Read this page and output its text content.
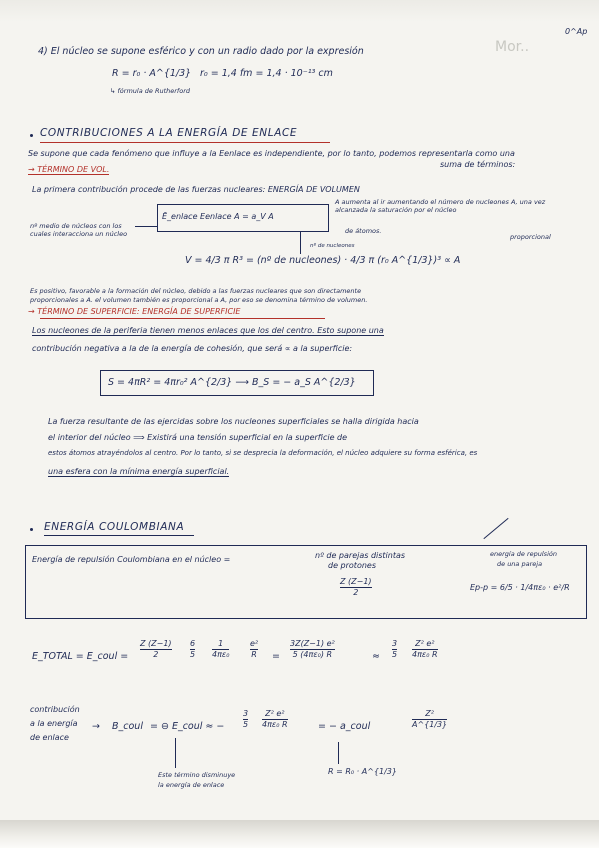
0^Ap
Mor..
4) El núcleo se supone esférico y con un radio dado por la expresión
R = r₀ · A^{1/3} r₀ = 1,4 fm = 1,4 · 10⁻¹³ cm
↳ fórmula de Rutherford
CONTRIBUCIONES A LA ENERGÍA DE ENLACE
Se supone que cada fenómeno que influye a la Eenlace es independiente, por lo tanto, podemos representarla como una
suma de términos:
→ TÉRMINO DE VOL.
La primera contribución procede de las fuerzas nucleares: ENERGÍA DE VOLUMEN
nº medio de núcleos con los cuales interacciona un núcleo
Ē_enlace Eenlace A = a_V A
A aumenta al ir aumentando el número de nucleones A, una vez alcanzada la saturación por el núcleo
de átomos.
proporcional
nº de nucleones
V = 4/3 π R³ = (nº de nucleones) · 4/3 π (r₀ A^{1/3})³ ∝ A
Es positivo, favorable a la formación del núcleo, debido a las fuerzas nucleares que son directamente
proporcionales a A. el volumen también es proporcional a A, por eso se denomina término de volumen.
→ TÉRMINO DE SUPERFICIE: ENERGÍA DE SUPERFICIE
Los nucleones de la periferia tienen menos enlaces que los del centro. Esto supone una
contribución negativa a la de la energía de cohesión, que será ∝ a la superficie:
S = 4πR² = 4πr₀² A^{2/3} ⟶ B_S = − a_S A^{2/3}
La fuerza resultante de las ejercidas sobre los nucleones superficiales se halla dirigida hacia
el interior del núcleo ⟹ Existirá una tensión superficial en la superficie de
estos átomos atrayéndolos al centro. Por lo tanto, si se desprecia la deformación, el núcleo adquiere su forma esférica, es
una esfera con la mínima energía superficial.
ENERGÍA COULOMBIANA
Energía de repulsión Coulombiana en el núcleo =	nº de parejas distintas
de protones
Z (Z−1)
2
energía de repulsión
de una pareja
Ep-p = 6/5 · 1/4πε₀ · e²/R
E_TOTAL = E_coul =
Z (Z−1)
2
6
5
1
4πε₀
e²
R =
3Z(Z−1) e²
5 (4πε₀) R	≈
3
5
Z² e²
4πε₀ R
contribución
a la energía
de enlace
→ B_coul = ⊖ E_coul ≈ −
3
5
Z² e²
4πε₀ R	= − a_coul
Z²
A^{1/3}
Este término disminuye
la energía de enlace
R = R₀ · A^{1/3}
